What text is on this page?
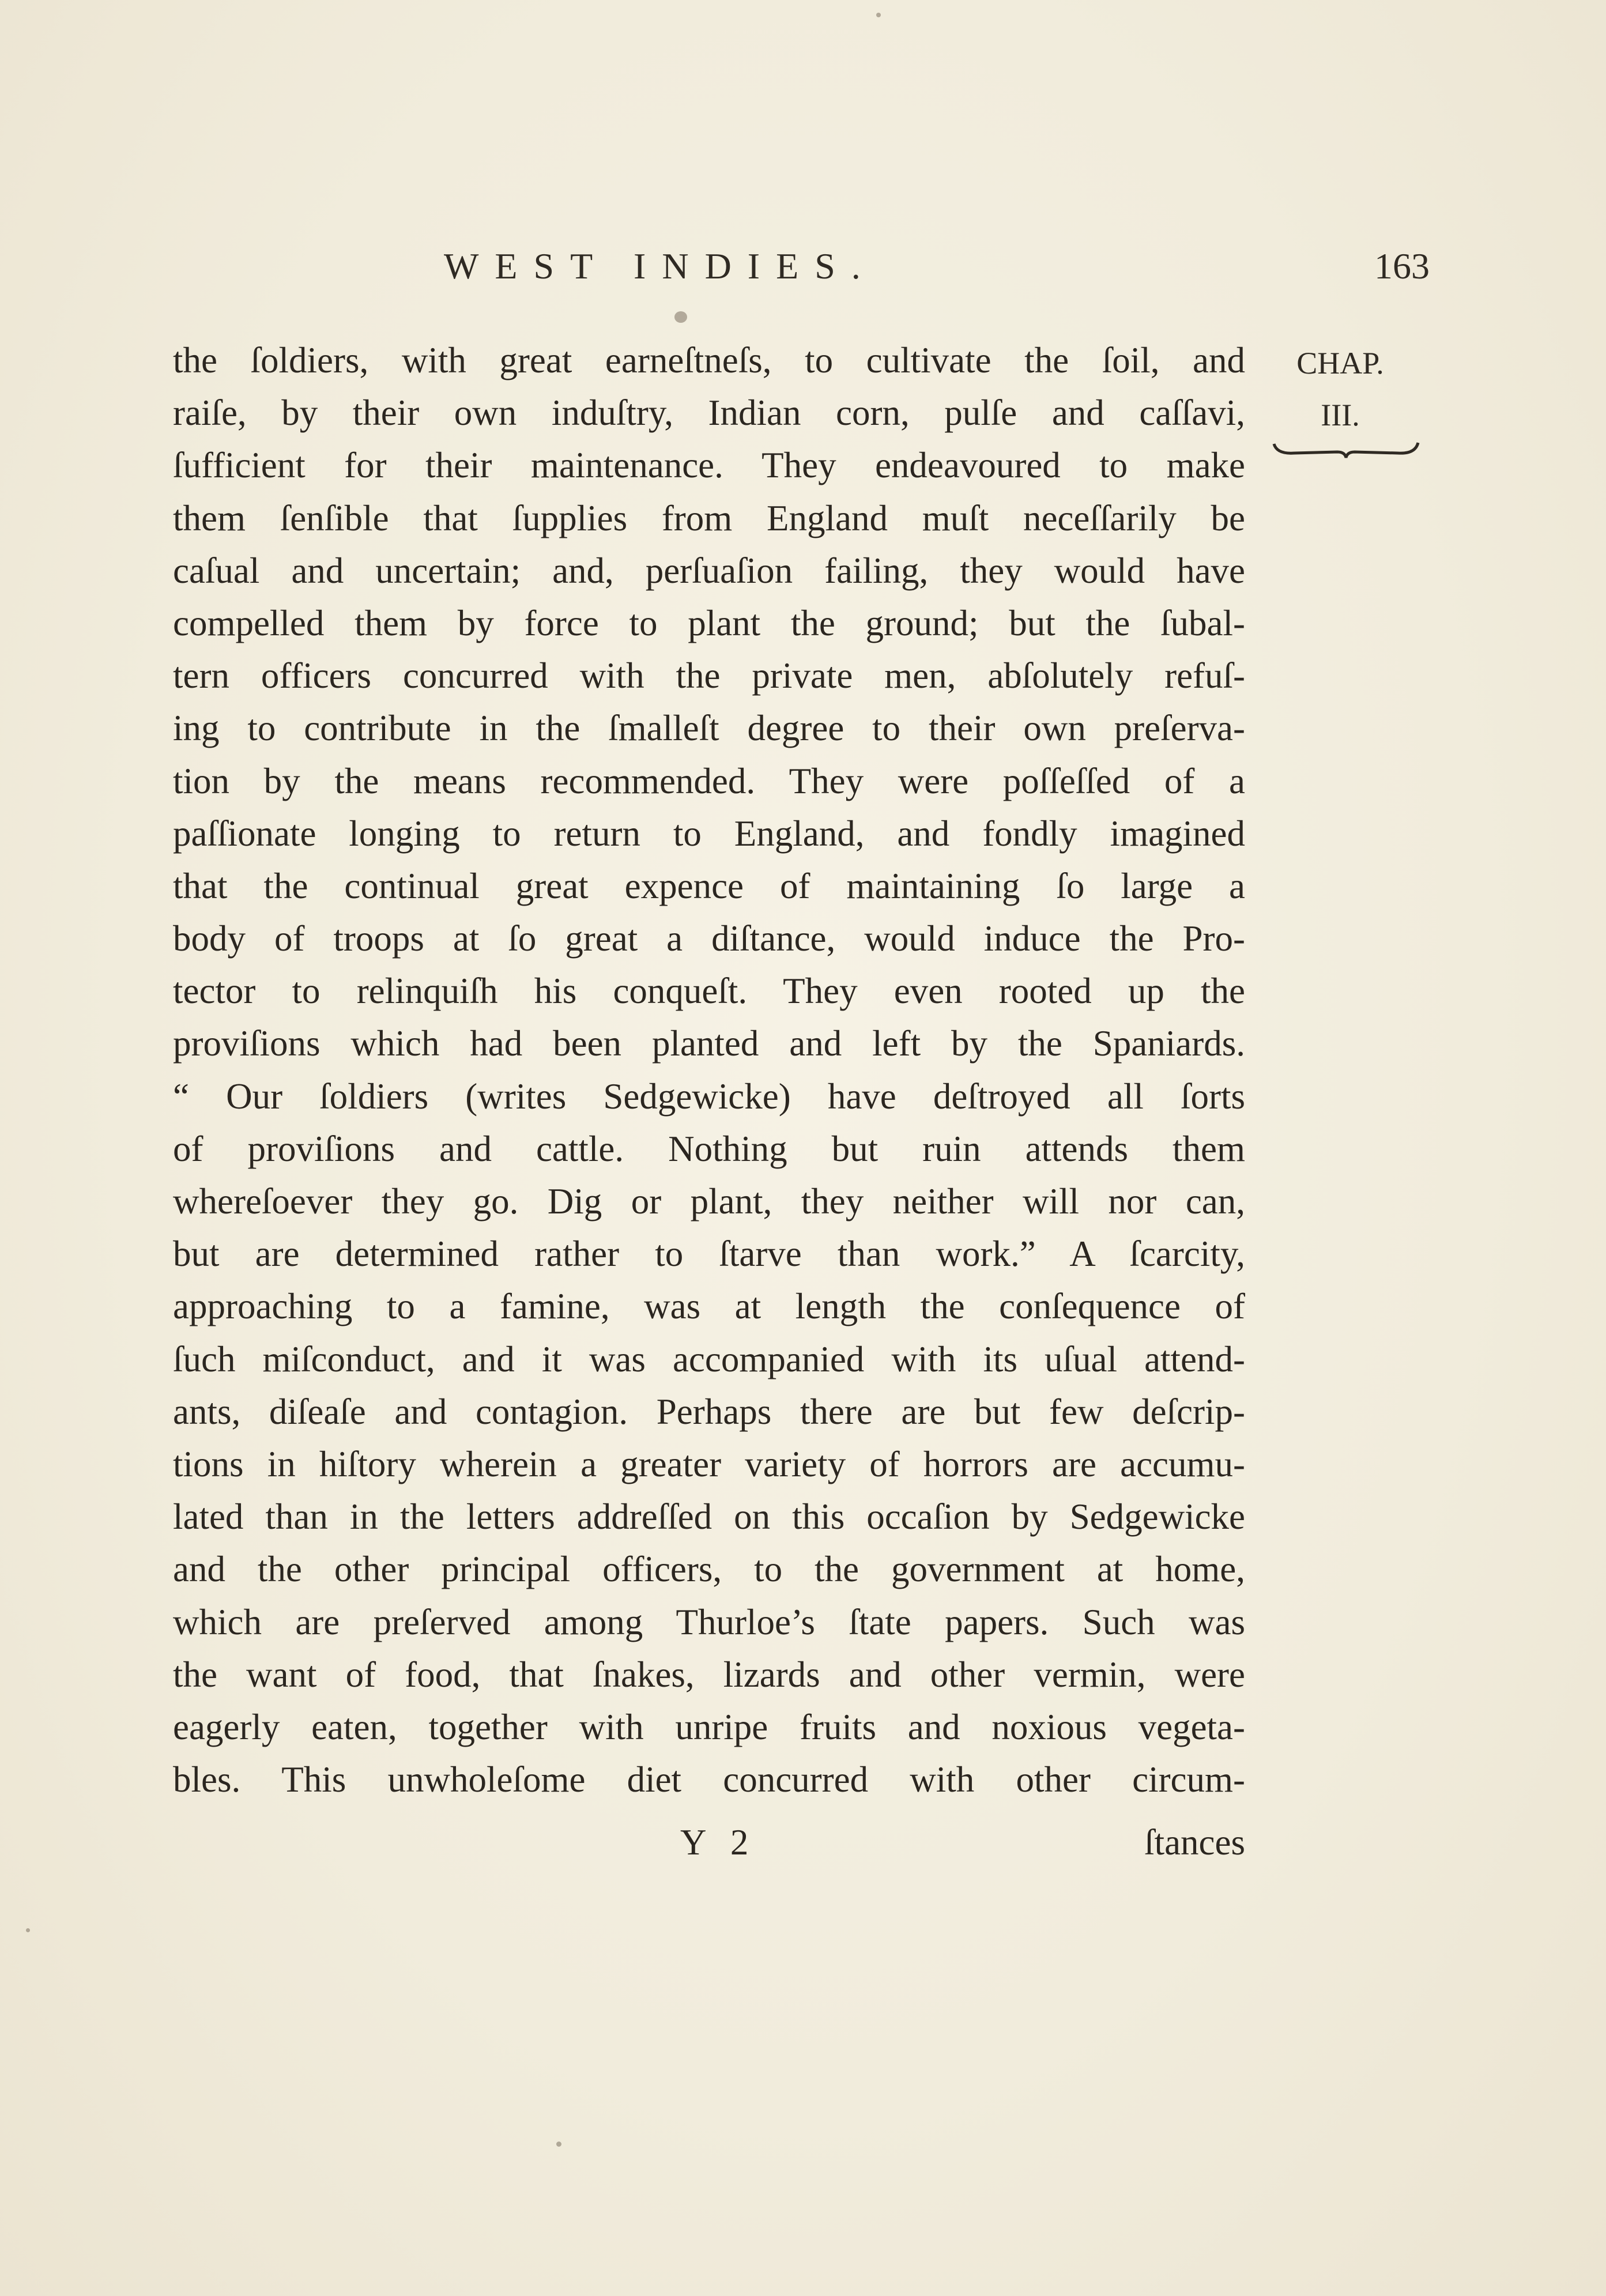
WEST INDIES.	163
CHAP.
III.
the ſoldiers, with great earneſtneſs, to cultivate the ſoil, and
raiſe, by their own induſtry, Indian corn, pulſe and caſſavi,
ſufficient for their maintenance. They endeavoured to make
them ſenſible that ſupplies from England muſt neceſſarily be
caſual and uncertain; and, perſuaſion failing, they would have
compelled them by force to plant the ground; but the ſubal-
tern officers concurred with the private men, abſolutely refuſ-
ing to contribute in the ſmalleſt degree to their own preſerva-
tion by the means recommended. They were poſſeſſed of a
paſſionate longing to return to England, and fondly imagined
that the continual great expence of maintaining ſo large a
body of troops at ſo great a diſtance, would induce the Pro-
tector to relinquiſh his conqueſt. They even rooted up the
proviſions which had been planted and left by the Spaniards.
“ Our ſoldiers (writes Sedgewicke) have deſtroyed all ſorts
of proviſions and cattle. Nothing but ruin attends them
whereſoever they go. Dig or plant, they neither will nor can,
but are determined rather to ſtarve than work.” A ſcarcity,
approaching to a famine, was at length the conſequence of
ſuch miſconduct, and it was accompanied with its uſual attend-
ants, diſeaſe and contagion. Perhaps there are but few deſcrip-
tions in hiſtory wherein a greater variety of horrors are accumu-
lated than in the letters addreſſed on this occaſion by Sedgewicke
and the other principal officers, to the government at home,
which are preſerved among Thurloe’s ſtate papers. Such was
the want of food, that ſnakes, lizards and other vermin, were
eagerly eaten, together with unripe fruits and noxious vegeta-
bles. This unwholeſome diet concurred with other circum-
Y 2	ſtances
